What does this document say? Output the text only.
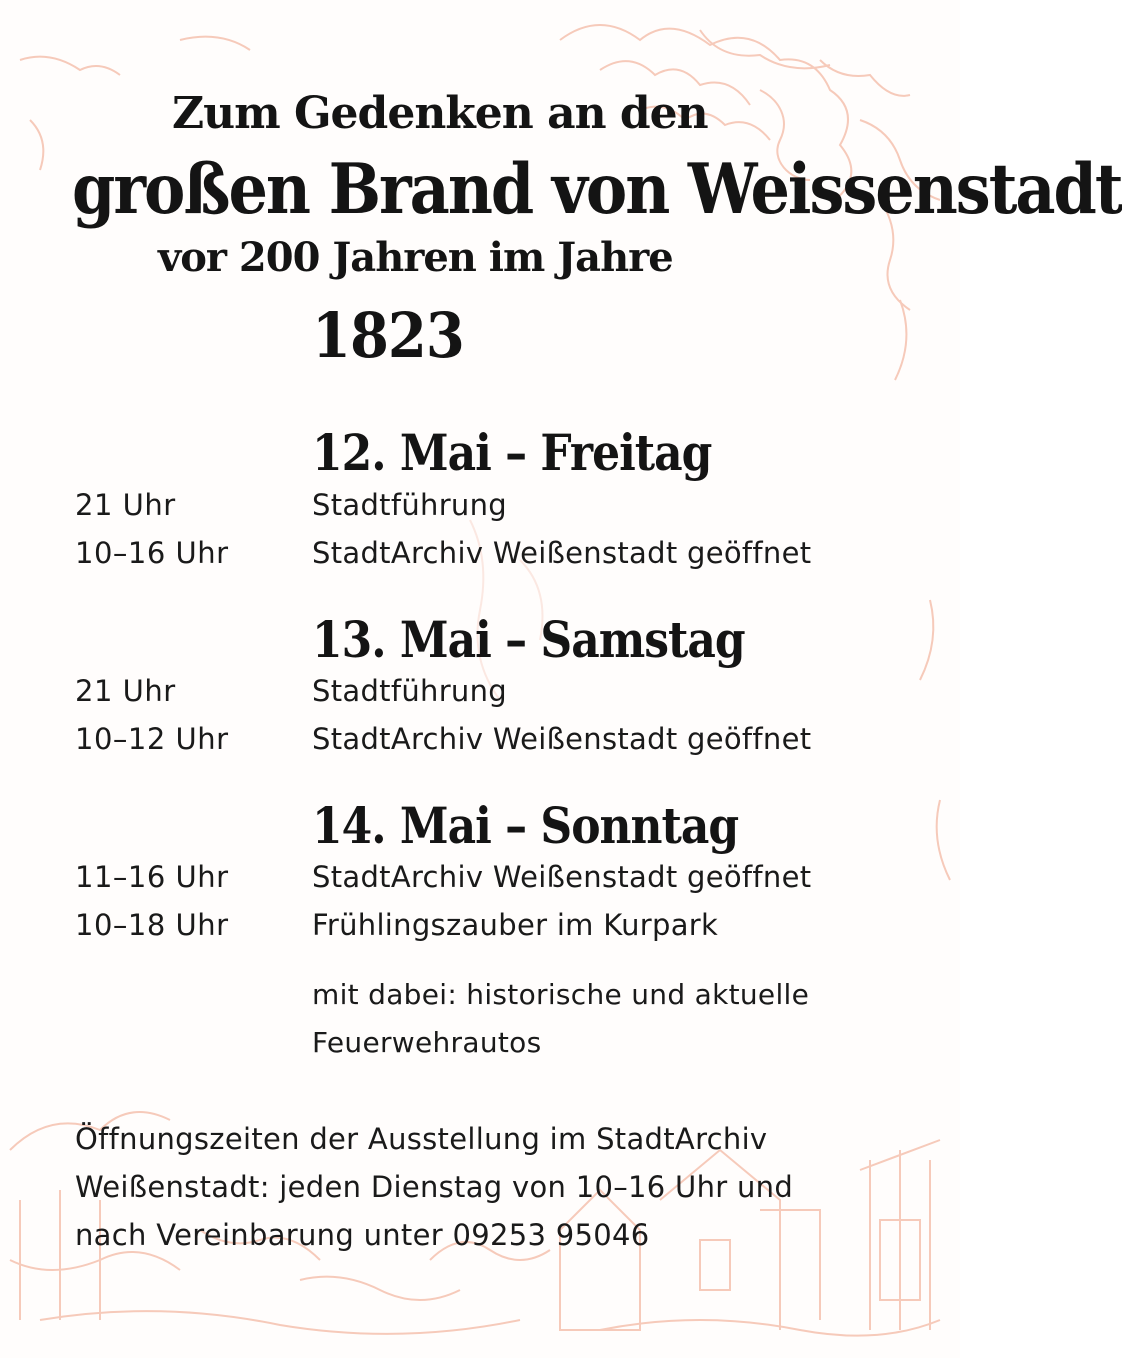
Zum Gedenken an den
großen Brand von Weissenstadt
vor 200 Jahren im Jahre
1823
12. Mai – Freitag
21 Uhr	Stadtführung
10–16 Uhr	StadtArchiv Weißenstadt geöffnet
13. Mai – Samstag
21 Uhr	Stadtführung
10–12 Uhr	StadtArchiv Weißenstadt geöffnet
14. Mai – Sonntag
11–16 Uhr	StadtArchiv Weißenstadt geöffnet
10–18 Uhr	Frühlingszauber im Kurpark
mit dabei: historische und aktuelle
Feuerwehrautos
Öffnungszeiten der Ausstellung im StadtArchiv
Weißenstadt: jeden Dienstag von 10–16 Uhr und
nach Vereinbarung unter 09253 95046
